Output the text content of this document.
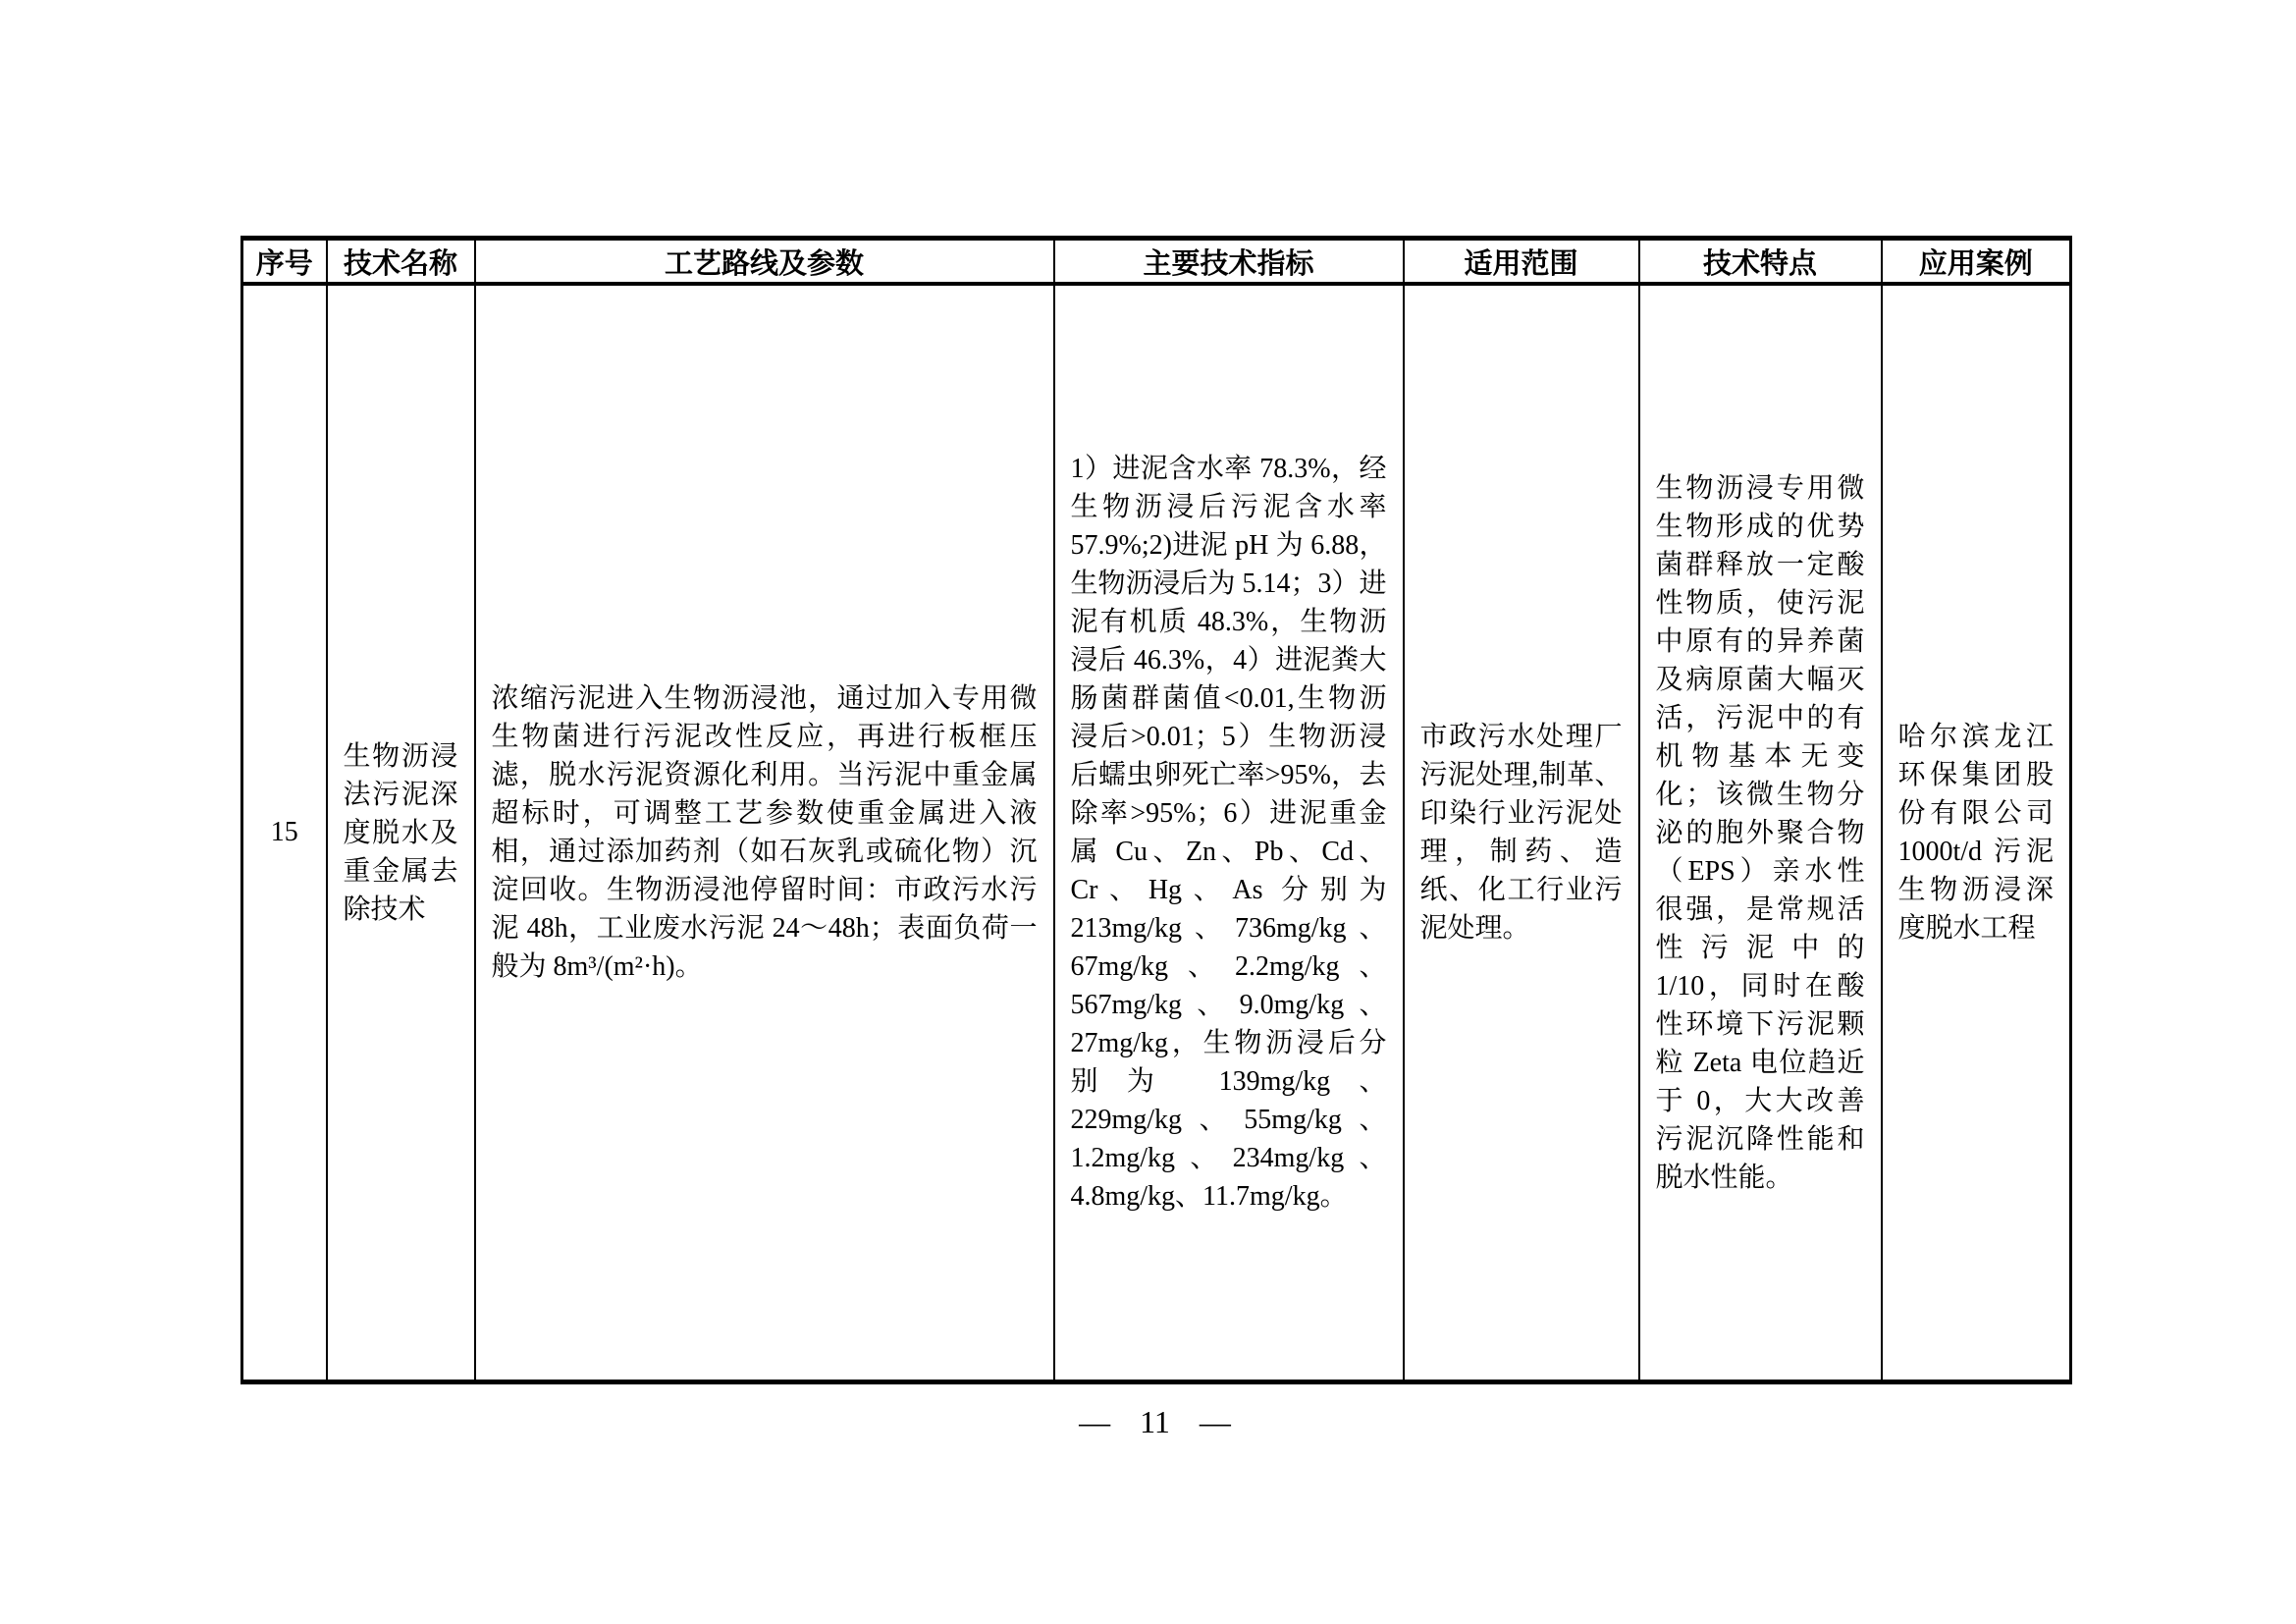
序号	技术名称	工艺路线及参数	主要技术指标	适用范围	技术特点	应用案例

15	生物沥浸法污泥深度脱水及重金属去除技术	浓缩污泥进入生物沥浸池，通过加入专用微生物菌进行污泥改性反应，再进行板框压滤，脱水污泥资源化利用。当污泥中重金属超标时，可调整工艺参数使重金属进入液相，通过添加药剂（如石灰乳或硫化物）沉淀回收。生物沥浸池停留时间：市政污水污泥 48h，工业废水污泥 24～48h；表面负荷一般为 8m³/(m²·h)。	1）进泥含水率 78.3%，经生物沥浸后污泥含水率 57.9%;2)进泥 pH 为 6.88，生物沥浸后为 5.14；3）进泥有机质 48.3%，生物沥浸后 46.3%，4）进泥粪大肠菌群菌值<0.01,生物沥浸后>0.01；5）生物沥浸后蠕虫卵死亡率>95%，去除率>95%；6）进泥重金属 Cu、Zn、Pb、Cd、Cr、Hg、As 分别为 213mg/kg、736mg/kg、67mg/kg、2.2mg/kg、567mg/kg、9.0mg/kg、27mg/kg，生物沥浸后分别为 139mg/kg、229mg/kg、55mg/kg、1.2mg/kg、234mg/kg、4.8mg/kg、11.7mg/kg。	市政污水处理厂污泥处理,制革、印染行业污泥处理，制药、造纸、化工行业污泥处理。	生物沥浸专用微生物形成的优势菌群释放一定酸性物质，使污泥中原有的异养菌及病原菌大幅灭活，污泥中的有机物基本无变化；该微生物分泌的胞外聚合物（EPS）亲水性很强，是常规活性污泥中的 1/10，同时在酸性环境下污泥颗粒 Zeta 电位趋近于 0，大大改善污泥沉降性能和脱水性能。	哈尔滨龙江环保集团股份有限公司 1000t/d 污泥生物沥浸深度脱水工程
— 11 —
